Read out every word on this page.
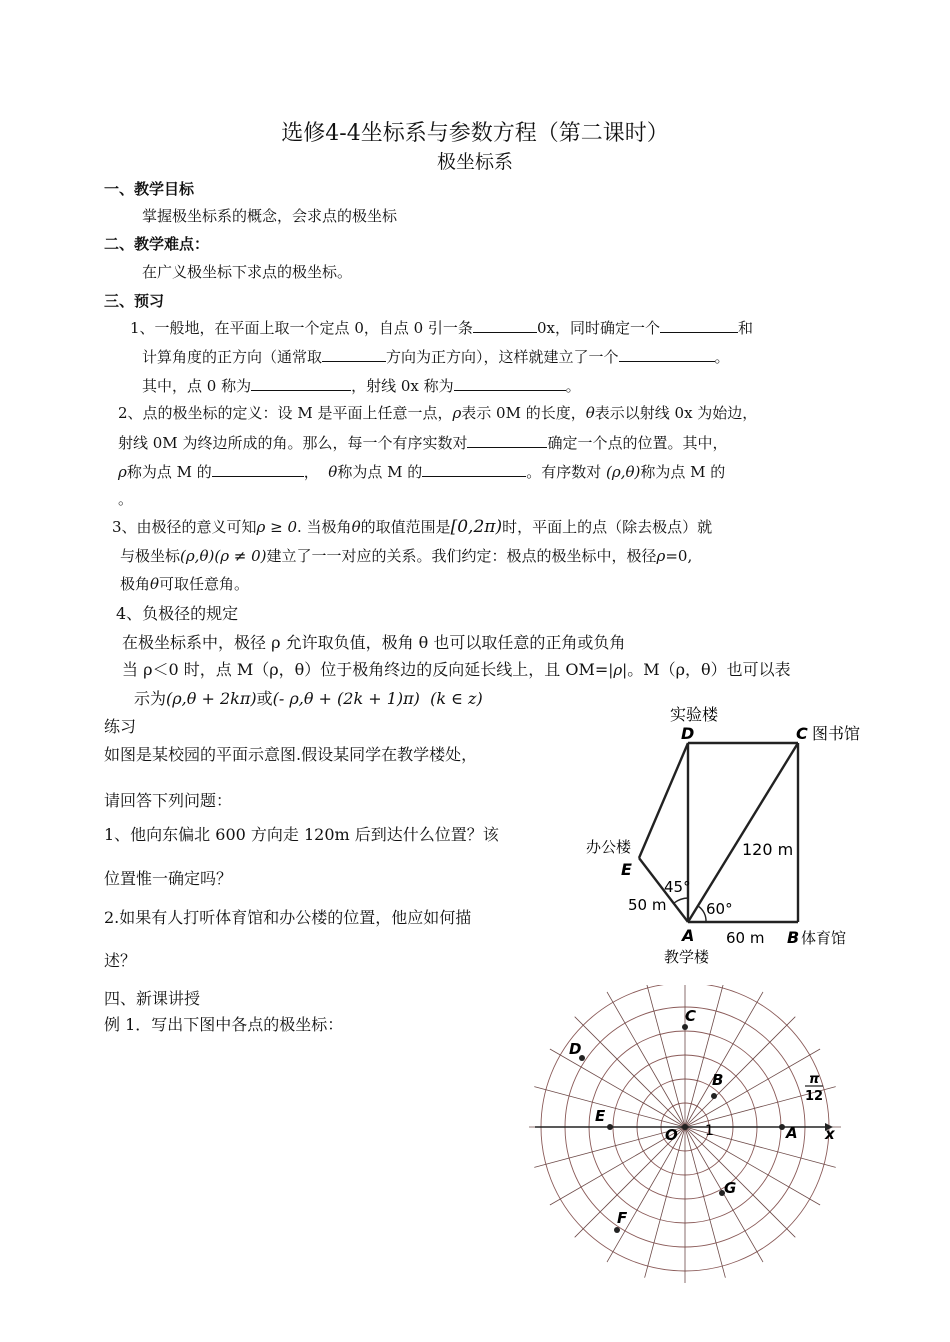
选修4-4坐标系与参数方程（第二课时）
极坐标系
一、教学目标
掌握极坐标系的概念，会求点的极坐标
二、教学难点：
在广义极坐标下求点的极坐标。
三、预习
1、一般地，在平面上取一个定点 0，自点 0 引一条	0x，同时确定一个	和
计算角度的正方向（通常取	方向为正方向），这样就建立了一个	。
其中，点 0 称为	，射线 0x 称为	。
2、点的极坐标的定义：设 M 是平面上任意一点，ρ表示 0M 的长度，θ表示以射线 0x 为始边，
射线 0M 为终边所成的角。那么，每一个有序实数对	确定一个点的位置。其中，
ρ称为点 M 的	， θ称为点 M 的	。有序数对 (ρ,θ)称为点 M 的
。
3、由极径的意义可知ρ ≥ 0. 当极角θ的取值范围是[0,2π)时，平面上的点（除去极点）就
与极坐标(ρ,θ)(ρ ≠ 0)建立了一一对应的关系。我们约定：极点的极坐标中，极径ρ=0,
极角θ可取任意角。
4、负极径的规定
在极坐标系中，极径 ρ 允许取负值，极角 θ 也可以取任意的正角或负角
当 ρ＜0 时，点 M（ρ，θ）位于极角终边的反向延长线上，且 OM=|ρ|。M（ρ，θ）也可以表
示为(ρ,θ + 2kπ)或(- ρ,θ + (2k + 1)π) (k ∈ z)
练习
如图是某校园的平面示意图.假设某同学在教学楼处，
请回答下列问题：
1、他向东偏北 600 方向走 120m 后到达什么位置？该
位置惟一确定吗？
2.如果有人打听体育馆和办公楼的位置，他应如何描
述？
四、新课讲授
例 1．写出下图中各点的极坐标：
实验楼
D	C 图书馆
办公楼
E
120 m
45°
50 m	60°
A 60 m B 体育馆
教学楼
A
B
C
D
E
F
G
O 1	x
π
12
